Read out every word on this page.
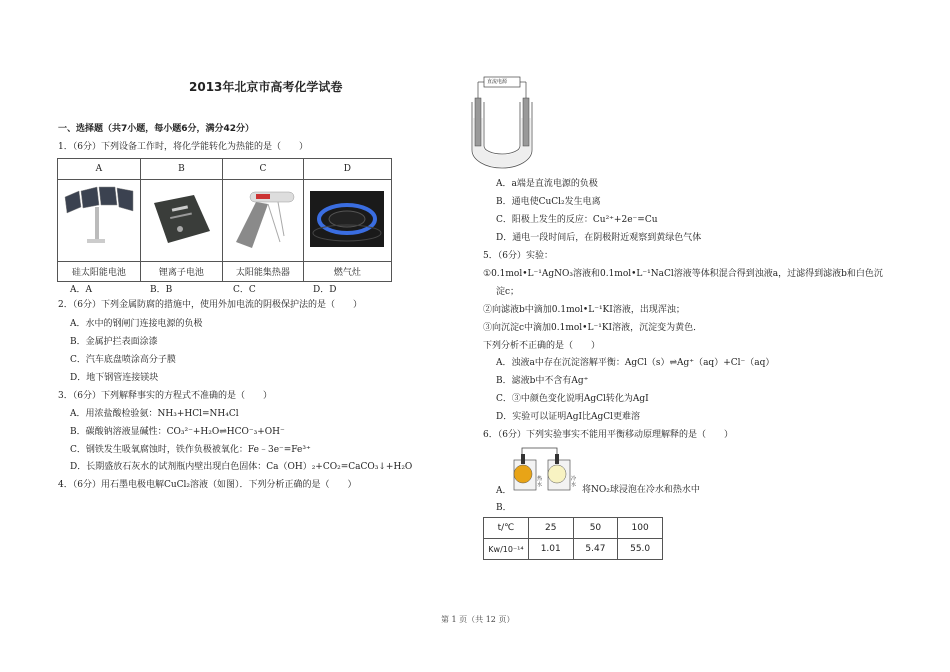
2013年北京市高考化学试卷
一、选择题（共7小题，每小题6分，满分42分）
1．（6分）下列设备工作时，将化学能转化为热能的是（　　）
A	B	C	D

硅太阳能电池	锂离子电池	太阳能集热器	燃气灶
A．A	B．B	C．C	D．D
2．（6分）下列金属防腐的措施中，使用外加电流的阴极保护法的是（　　）
A．水中的钢闸门连接电源的负极
B．金属护拦表面涂漆
C．汽车底盘喷涂高分子膜
D．地下钢管连接镁块
3．（6分）下列解释事实的方程式不准确的是（　　）
A．用浓盐酸检验氨：NH₃+HCl=NH₄Cl
B．碳酸钠溶液显碱性：CO₃²⁻+H₂O⇌HCO⁻₃+OH⁻
C．钢铁发生吸氧腐蚀时，铁作负极被氧化：Fe﹣3e⁻=Fe³⁺
D．长期盛放石灰水的试剂瓶内壁出现白色固体：Ca（OH）₂+CO₂=CaCO₃↓+H₂O
4．（6分）用石墨电极电解CuCl₂溶液（如图）．下列分析正确的是（　　）
直流电源
A．a端是直流电源的负极
B．通电使CuCl₂发生电离
C．阳极上发生的反应：Cu²⁺+2e⁻=Cu
D．通电一段时间后，在阴极附近观察到黄绿色气体
5．（6分）实验：
①0.1mol•L⁻¹AgNO₃溶液和0.1mol•L⁻¹NaCl溶液等体积混合得到浊液a，过滤得到滤液b和白色沉
淀c；
②向滤液b中滴加0.1mol•L⁻¹KI溶液，出现浑浊；
③向沉淀c中滴加0.1mol•L⁻¹KI溶液，沉淀变为黄色．
下列分析不正确的是（　　）
A．浊液a中存在沉淀溶解平衡：AgCl（s）⇌Ag⁺（aq）+Cl⁻（aq）
B．滤液b中不含有Ag⁺
C．③中颜色变化说明AgCl转化为AgI
D．实验可以证明AgI比AgCl更难溶
6．（6分）下列实验事实不能用平衡移动原理解释的是（　　）
A．
热水
冷水 将NO₂球浸泡在冷水和热水中
B．
t/℃	25	50	100
Kw/10⁻¹⁴	1.01	5.47	55.0
第 1 页（共 12 页）
